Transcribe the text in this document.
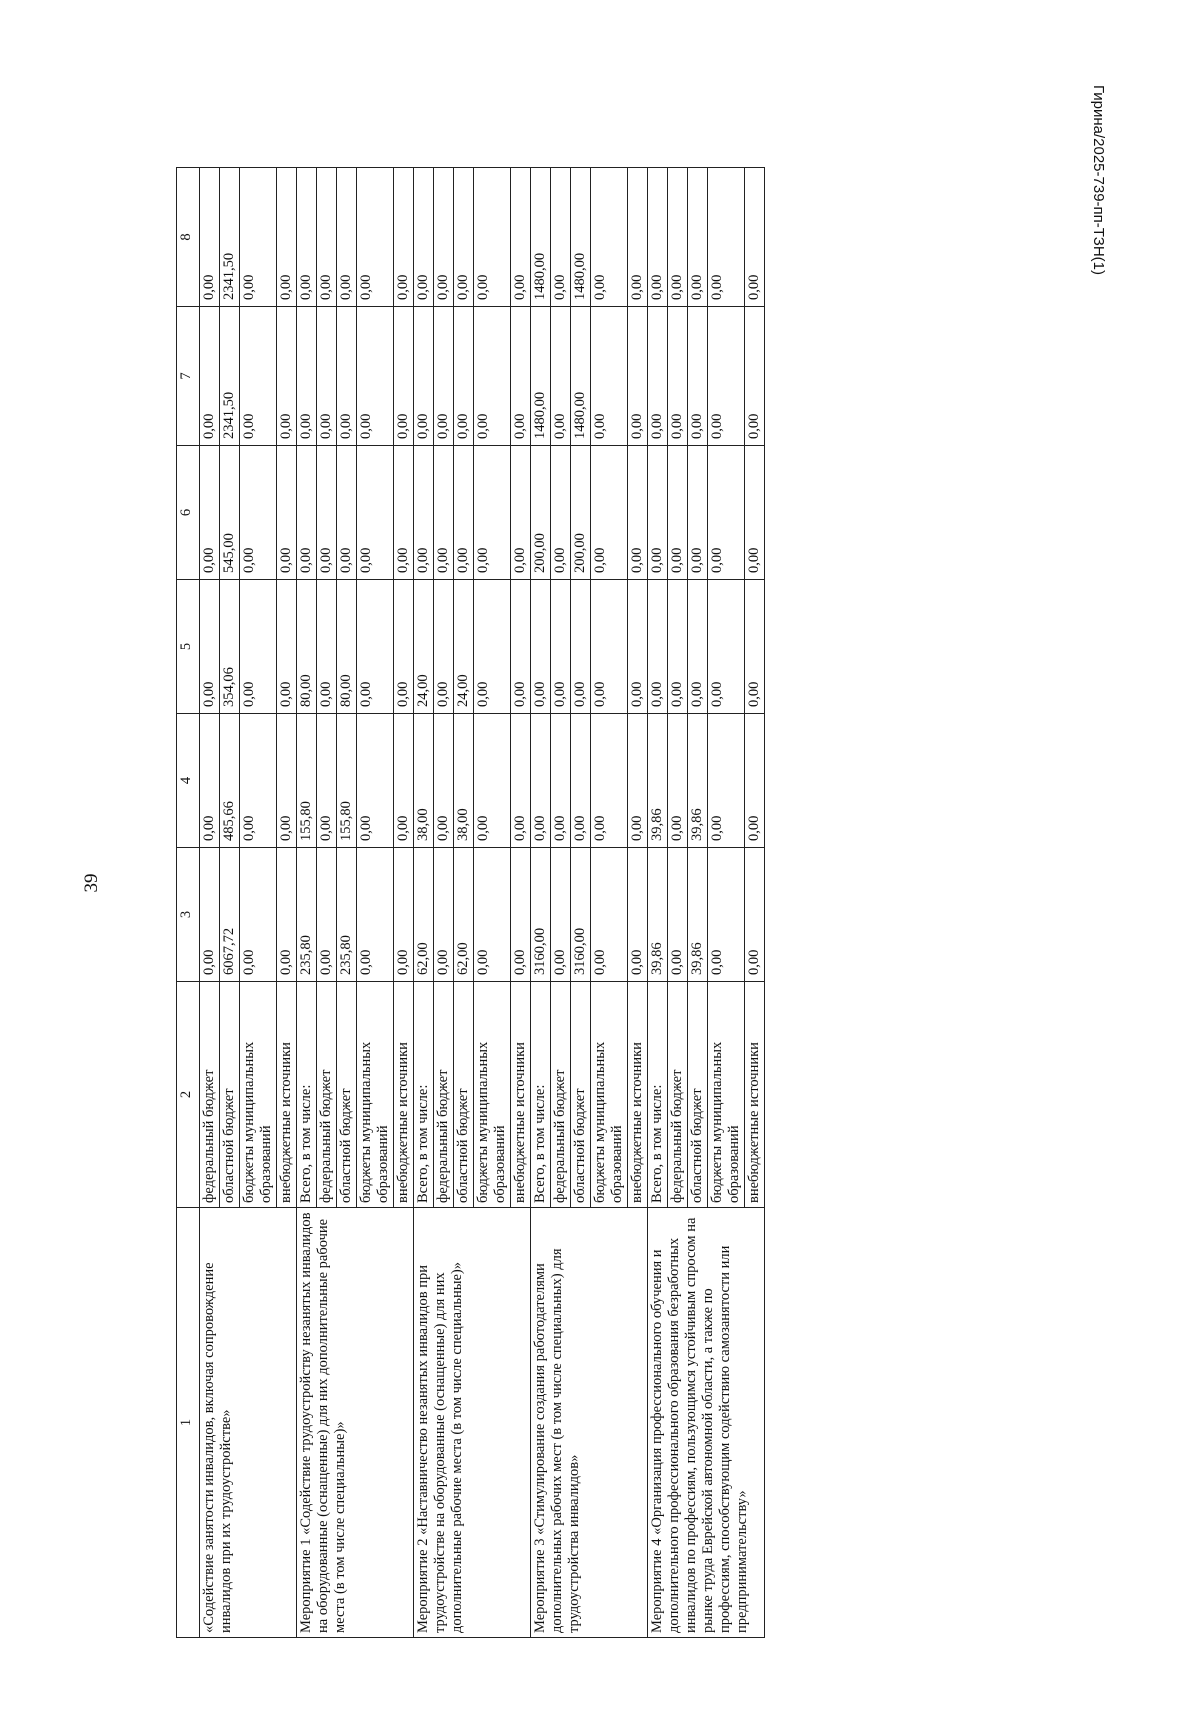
39
Гирина/2025-739-пп-ТЗН(1)
1	2	3	4	5	6	7	8
«Содействие занятости инвалидов, включая сопровождение инвалидов при их трудоустройстве»	федеральный бюджет	0,00	0,00	0,00	0,00	0,00	0,00
	областной бюджет	6067,72	485,66	354,06	545,00	2341,50	2341,50
	бюджеты муниципальных образований	0,00	0,00	0,00	0,00	0,00	0,00
	внебюджетные источники	0,00	0,00	0,00	0,00	0,00	0,00
Мероприятие 1 «Содействие трудоустройству незанятых инвалидов на оборудованные (оснащенные) для них дополнительные рабочие места (в том числе специальные)»	Всего, в том числе:	235,80	155,80	80,00	0,00	0,00	0,00
	федеральный бюджет	0,00	0,00	0,00	0,00	0,00	0,00
	областной бюджет	235,80	155,80	80,00	0,00	0,00	0,00
	бюджеты муниципальных образований	0,00	0,00	0,00	0,00	0,00	0,00
	внебюджетные источники	0,00	0,00	0,00	0,00	0,00	0,00
Мероприятие 2 «Наставничество незанятых инвалидов при трудоустройстве на оборудованные (оснащенные) для них дополнительные рабочие места (в том числе специальные)»	Всего, в том числе:	62,00	38,00	24,00	0,00	0,00	0,00
	федеральный бюджет	0,00	0,00	0,00	0,00	0,00	0,00
	областной бюджет	62,00	38,00	24,00	0,00	0,00	0,00
	бюджеты муниципальных образований	0,00	0,00	0,00	0,00	0,00	0,00
	внебюджетные источники	0,00	0,00	0,00	0,00	0,00	0,00
Мероприятие 3 «Стимулирование создания работодателями дополнительных рабочих мест (в том числе специальных) для трудоустройства инвалидов»	Всего, в том числе:	3160,00	0,00	0,00	200,00	1480,00	1480,00
	федеральный бюджет	0,00	0,00	0,00	0,00	0,00	0,00
	областной бюджет	3160,00	0,00	0,00	200,00	1480,00	1480,00
	бюджеты муниципальных образований	0,00	0,00	0,00	0,00	0,00	0,00
	внебюджетные источники	0,00	0,00	0,00	0,00	0,00	0,00
Мероприятие 4 «Организация профессионального обучения и дополнительного профессионального образования безработных инвалидов по профессиям, пользующимся устойчивым спросом на рынке труда Еврейской автономной области, а также по профессиям, способствующим содействию самозанятости или предпринимательству»	Всего, в том числе:	39,86	39,86	0,00	0,00	0,00	0,00
	федеральный бюджет	0,00	0,00	0,00	0,00	0,00	0,00
	областной бюджет	39,86	39,86	0,00	0,00	0,00	0,00
	бюджеты муниципальных образований	0,00	0,00	0,00	0,00	0,00	0,00
	внебюджетные источники	0,00	0,00	0,00	0,00	0,00	0,00
